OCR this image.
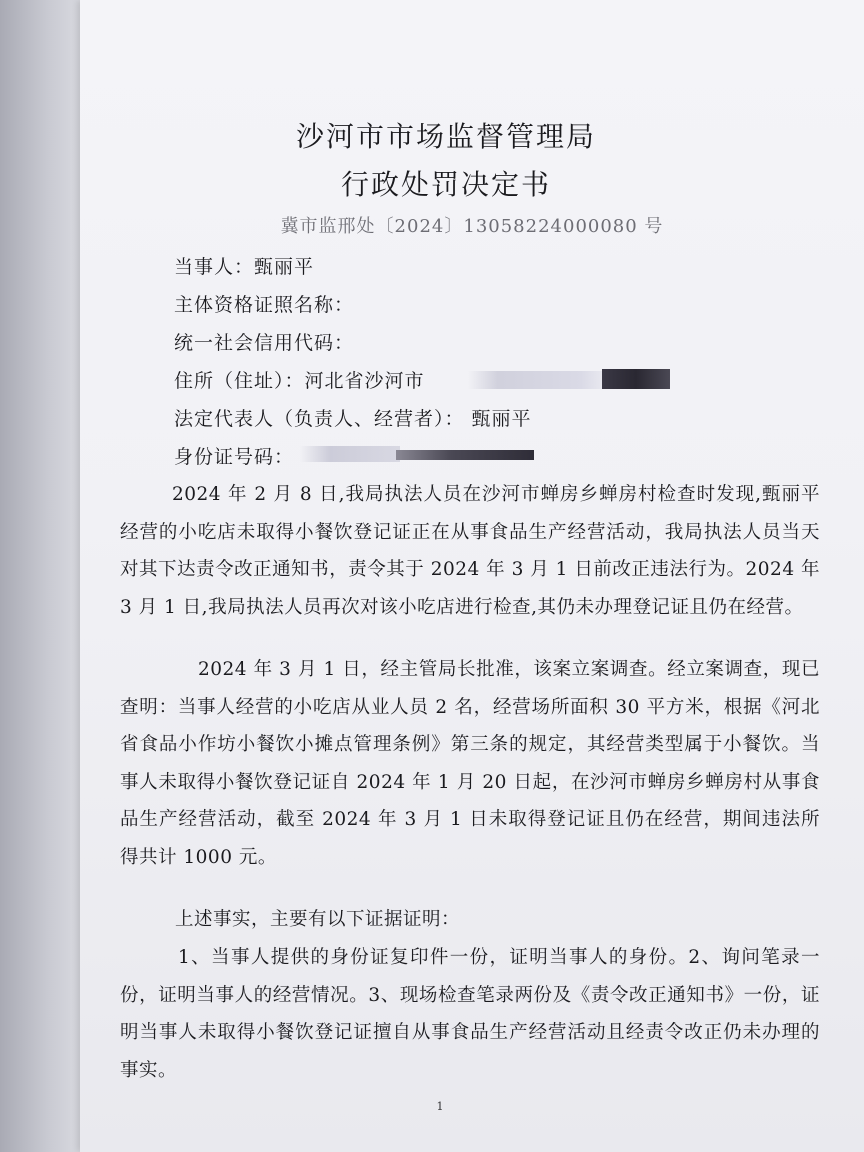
沙河市市场监督管理局
行政处罚决定书
冀市监邢处〔2024〕13058224000080 号
当事人：甄丽平
主体资格证照名称：
统一社会信用代码：
住所（住址）：河北省沙河市
法定代表人（负责人、经营者）： 甄丽平
身份证号码：
2024 年 2 月 8 日,我局执法人员在沙河市蝉房乡蝉房村检查时发现,甄丽平经营的小吃店未取得小餐饮登记证正在从事食品生产经营活动，我局执法人员当天对其下达责令改正通知书，责令其于 2024 年 3 月 1 日前改正违法行为。2024 年 3 月 1 日,我局执法人员再次对该小吃店进行检查,其仍未办理登记证且仍在经营。
2024 年 3 月 1 日，经主管局长批准，该案立案调查。经立案调查，现已查明：当事人经营的小吃店从业人员 2 名，经营场所面积 30 平方米，根据《河北省食品小作坊小餐饮小摊点管理条例》第三条的规定，其经营类型属于小餐饮。当事人未取得小餐饮登记证自 2024 年 1 月 20 日起，在沙河市蝉房乡蝉房村从事食品生产经营活动，截至 2024 年 3 月 1 日未取得登记证且仍在经营，期间违法所得共计 1000 元。
上述事实，主要有以下证据证明：
1、当事人提供的身份证复印件一份，证明当事人的身份。2、询问笔录一份，证明当事人的经营情况。3、现场检查笔录两份及《责令改正通知书》一份，证明当事人未取得小餐饮登记证擅自从事食品生产经营活动且经责令改正仍未办理的事实。
1
